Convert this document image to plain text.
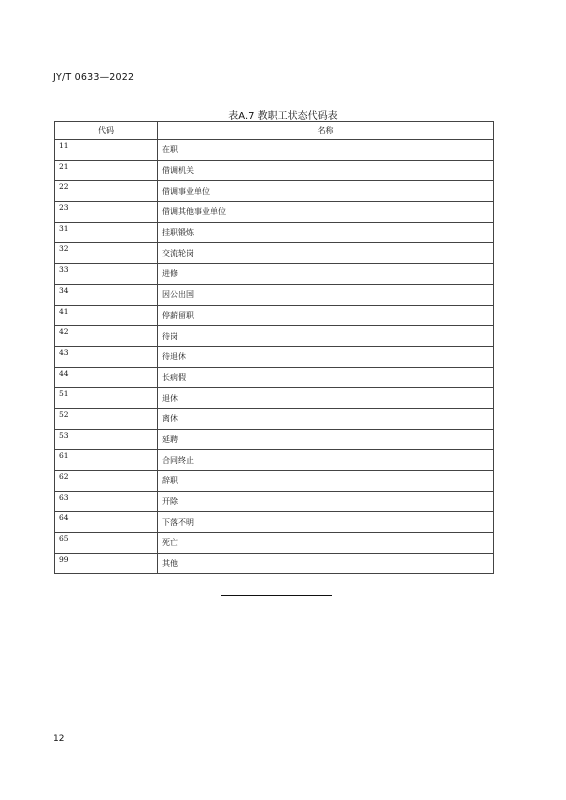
JY/T 0633—2022
表A.7 教职工状态代码表
代码	名称
11	在职
21	借调机关
22	借调事业单位
23	借调其他事业单位
31	挂职锻炼
32	交流轮岗
33	进修
34	因公出国
41	停薪留职
42	待岗
43	待退休
44	长病假
51	退休
52	离休
53	延聘
61	合同终止
62	辞职
63	开除
64	下落不明
65	死亡
99	其他
12
